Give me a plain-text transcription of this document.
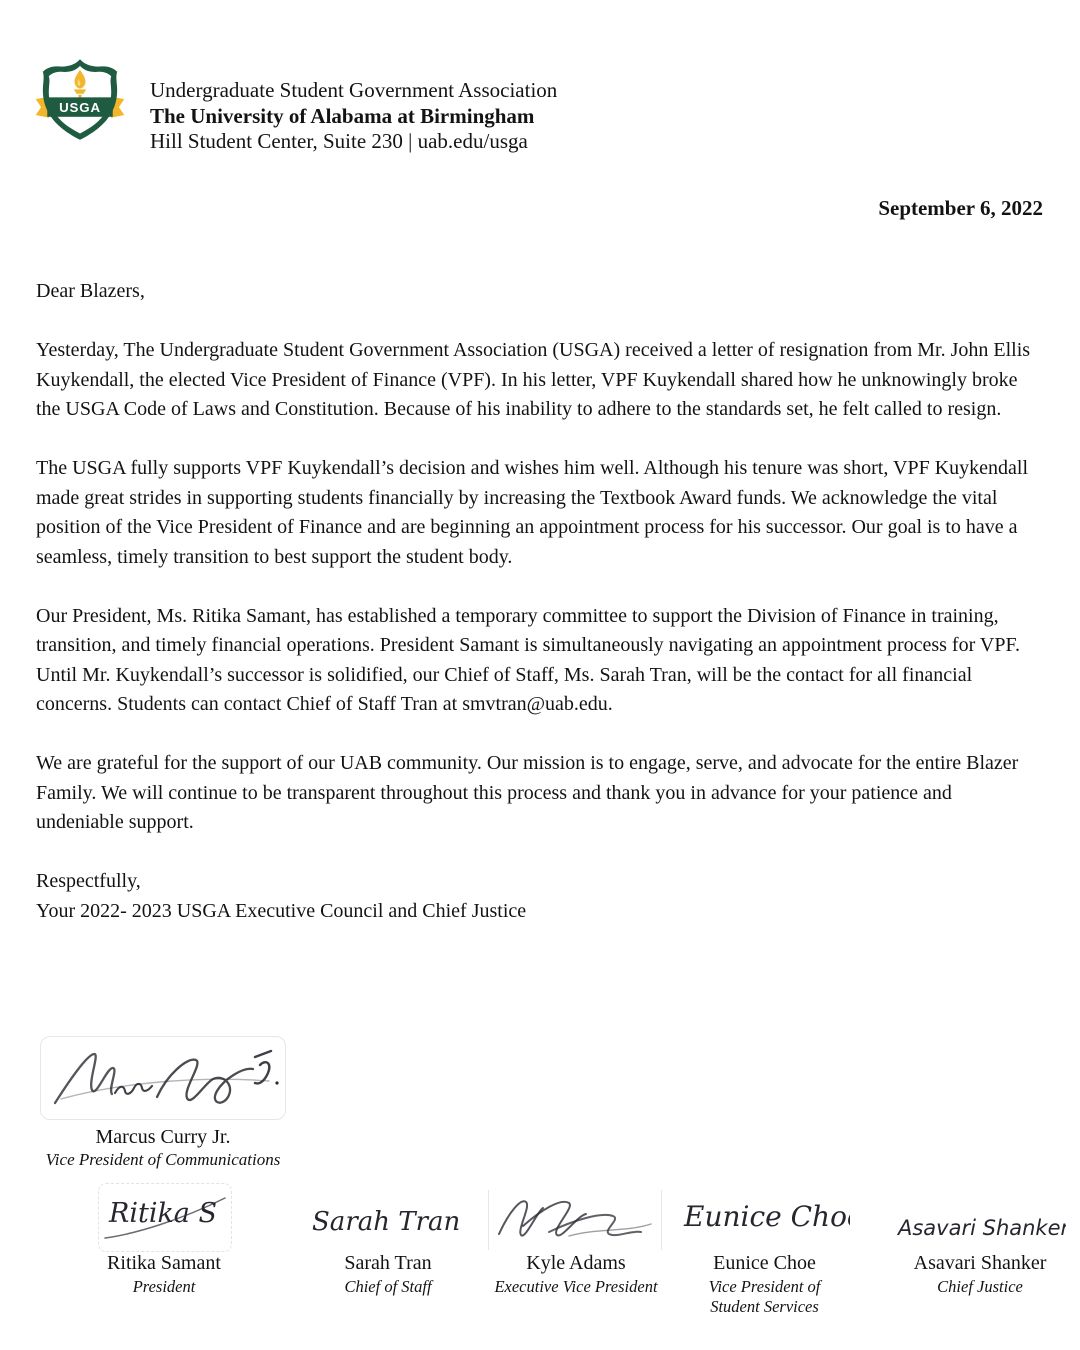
USGA
Undergraduate Student Government Association
The University of Alabama at Birmingham
Hill Student Center, Suite 230 | uab.edu/usga
September 6, 2022

Dear Blazers,

Yesterday, The Undergraduate Student Government Association (USGA) received a letter of resignation from Mr. John Ellis Kuykendall, the elected Vice President of Finance (VPF). In his letter, VPF Kuykendall shared how he unknowingly broke the USGA Code of Laws and Constitution. Because of his inability to adhere to the standards set, he felt called to resign.

The USGA fully supports VPF Kuykendall’s decision and wishes him well. Although his tenure was short, VPF Kuykendall made great strides in supporting students financially by increasing the Textbook Award funds. We acknowledge the vital position of the Vice President of Finance and are beginning an appointment process for his successor. Our goal is to have a seamless, timely transition to best support the student body.

Our President, Ms. Ritika Samant, has established a temporary committee to support the Division of Finance in training, transition, and timely financial operations. President Samant is simultaneously navigating an appointment process for VPF. Until Mr. Kuykendall’s successor is solidified, our Chief of Staff, Ms. Sarah Tran, will be the contact for all financial concerns. Students can contact Chief of Staff Tran at smvtran@uab.edu.

We are grateful for the support of our UAB community. Our mission is to engage, serve, and advocate for the entire Blazer Family. We will continue to be transparent throughout this process and thank you in advance for your patience and undeniable support.

Respectfully,

Your 2022- 2023 USGA Executive Council and Chief Justice

Marcus Curry Jr.
Vice President of Communications
Ritika S	Sarah Tran	Eunice Choe Asavari Shanker
Ritika Samant
President
Sarah Tran
Chief of Staff
Kyle Adams
Executive Vice President
Eunice Choe
Vice President of Student Services
Asavari Shanker
Chief Justice
